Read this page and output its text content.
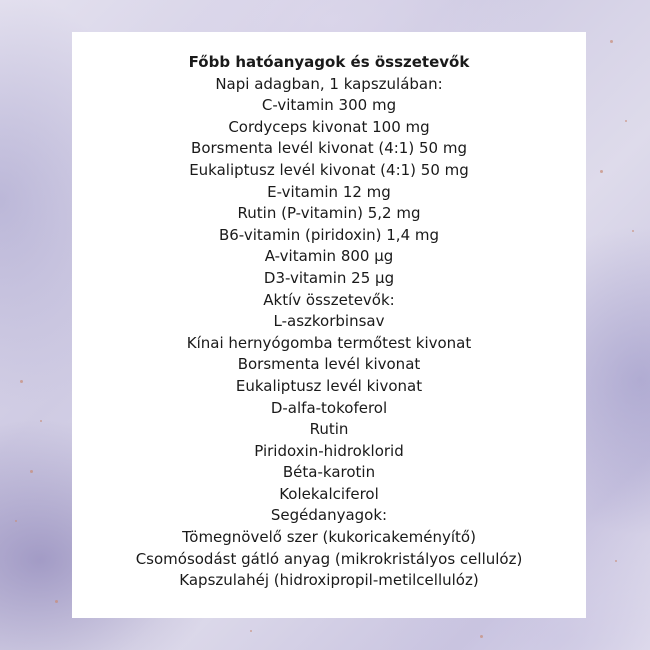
Főbb hatóanyagok és összetevők
Napi adagban, 1 kapszulában:
C-vitamin 300 mg
Cordyceps kivonat 100 mg
Borsmenta levél kivonat (4:1) 50 mg
Eukaliptusz levél kivonat (4:1) 50 mg
E-vitamin 12 mg
Rutin (P-vitamin) 5,2 mg
B6-vitamin (piridoxin) 1,4 mg
A-vitamin 800 µg
D3-vitamin 25 µg
Aktív összetevők:
L-aszkorbinsav
Kínai hernyógomba termőtest kivonat
Borsmenta levél kivonat
Eukaliptusz levél kivonat
D-alfa-tokoferol
Rutin
Piridoxin-hidroklorid
Béta-karotin
Kolekalciferol
Segédanyagok:
Tömegnövelő szer (kukoricakeményítő)
Csomósodást gátló anyag (mikrokristályos cellulóz)
Kapszulahéj (hidroxipropil-metilcellulóz)
